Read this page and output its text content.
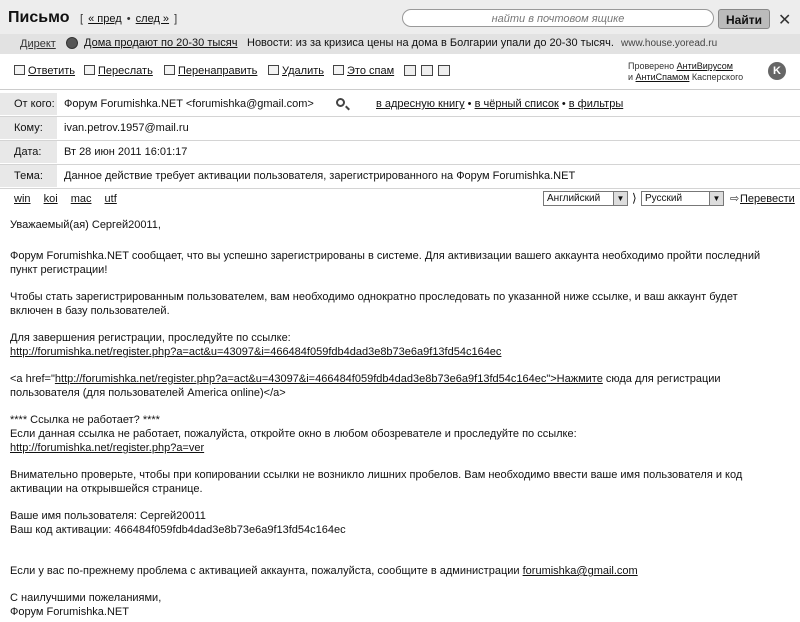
Письмо [ « пред • след » ]	найти в почтовом ящике	Найти	✕
Директ	Дома продают по 20-30 тысяч Новости: из за кризиса цены на дома в Болгарии упали до 20-30 тысяч. www.house.yoread.ru
Ответить	Переслать	Перенаправить	Удалить	Это спам	Проверено АнтиВирусом
и АнтиСпамом Касперского	K
От кого: Форум Forumishka.NET <forumishka@gmail.com>	в адресную книгу • в чёрный список • в фильтры
Кому:	ivan.petrov.1957@mail.ru
Дата:	Вт 28 июн 2011 16:01:17
Тема:	Данное действие требует активации пользователя, зарегистрированного на Форум Forumishka.NET
win koi mac utf	Английский	▼ ⟩ Русский	▼ ⇨Перевести

Уважаемый(ая) Сергей20011,

Форум Forumishka.NET сообщает, что вы успешно зарегистрированы в системе. Для активизации вашего аккаунта необходимо пройти последний

пункт регистрации!

Чтобы стать зарегистрированным пользователем, вам необходимо однократно проследовать по указанной ниже ссылке, и ваш аккаунт будет

включен в базу пользователей.

Для завершения регистрации, проследуйте по ссылке:

http://forumishka.net/register.php?a=act&u=43097&i=466484f059fdb4dad3e8b73e6a9f13fd54c164ec

<a href="http://forumishka.net/register.php?a=act&u=43097&i=466484f059fdb4dad3e8b73e6a9f13fd54c164ec">Нажмите сюда для регистрации

пользователя (для пользователей America online)</a>

**** Ссылка не работает? ****

Если данная ссылка не работает, пожалуйста, откройте окно в любом обозревателе и проследуйте по ссылке:

http://forumishka.net/register.php?a=ver

Внимательно проверьте, чтобы при копировании ссылки не возникло лишних пробелов. Вам необходимо ввести ваше имя пользователя и код

активации на открывшейся странице.

Ваше имя пользователя: Сергей20011

Ваш код активации: 466484f059fdb4dad3e8b73e6a9f13fd54c164ec

Если у вас по-прежнему проблема с активацией аккаунта, пожалуйста, сообщите в администрации forumishka@gmail.com

С наилучшими пожеланиями,

Форум Forumishka.NET
